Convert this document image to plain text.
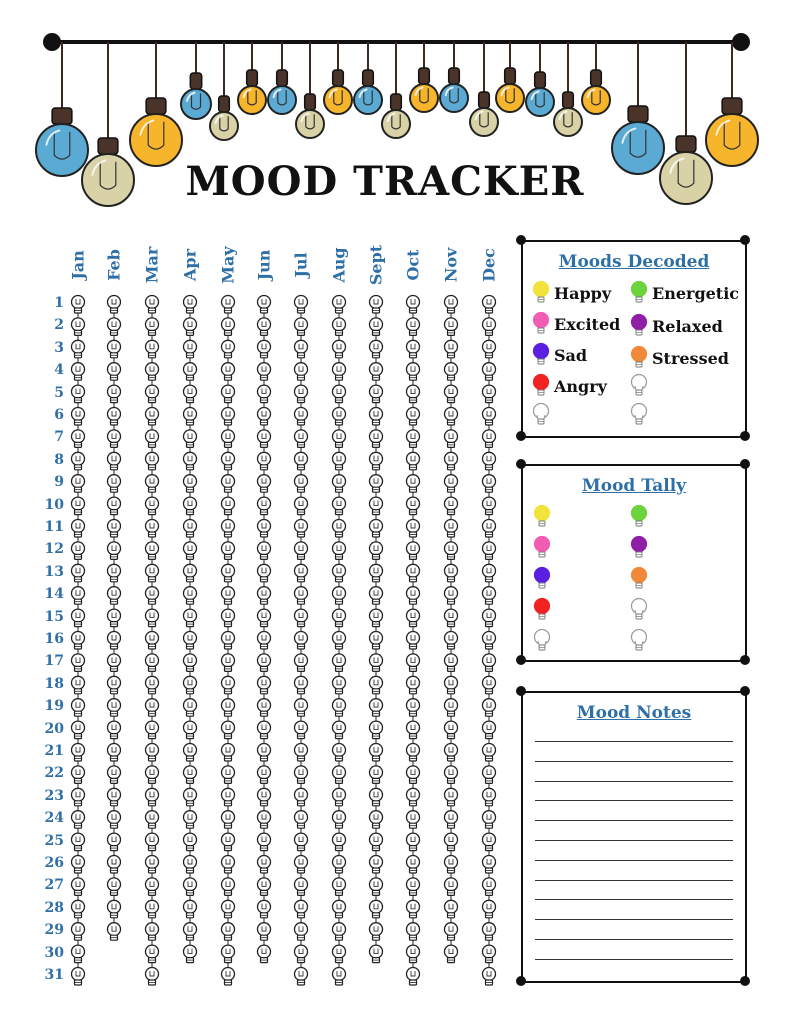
MOOD TRACKER
Jan Feb Mar Apr May Jun Jul Aug Sept Oct Nov Dec
1
2
3
4
5
6
7
8
9
10
11
12
13
14
15
16
17
18
19
20
21
22
23
24
25
26
27
28
29
30
31
Moods Decoded
Happy	Energetic
Excited Relaxed
Sad	Stressed
Angry
Mood Tally
Mood Notes
